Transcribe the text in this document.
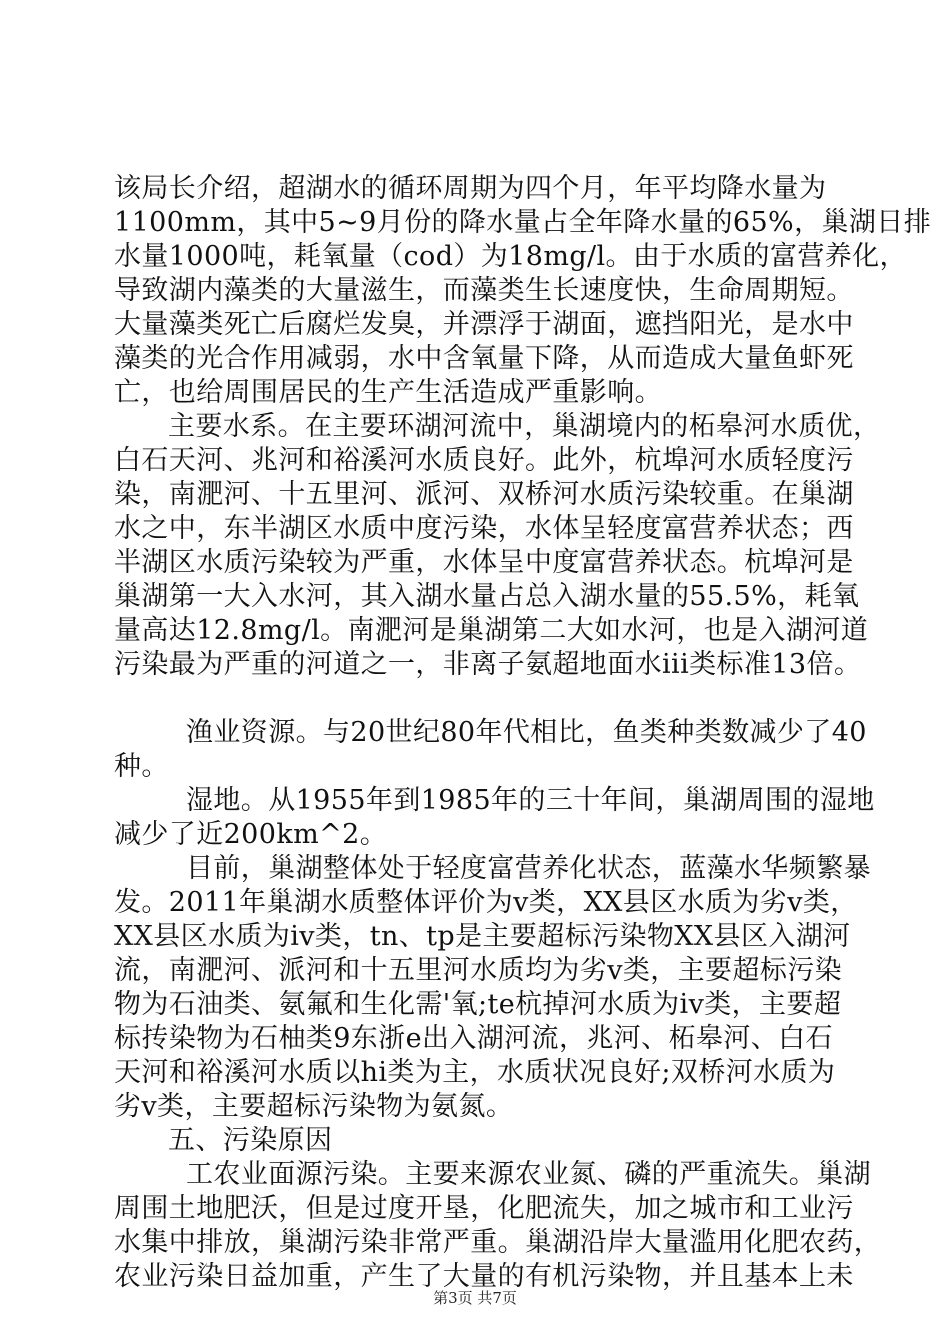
该局长介绍，超湖水的循环周期为四个月，年平均降水量为
1100mm，其中5~9月份的降水量占全年降水量的65%，巢湖日排
水量1000吨，耗氧量（cod）为18mg/l。由于水质的富营养化，
导致湖内藻类的大量滋生，而藻类生长速度快，生命周期短。
大量藻类死亡后腐烂发臭，并漂浮于湖面，遮挡阳光，是水中
藻类的光合作用减弱，水中含氧量下降，从而造成大量鱼虾死
亡，也给周围居民的生产生活造成严重影响。
主要水系。在主要环湖河流中，巢湖境内的柘皋河水质优，
白石天河、兆河和裕溪河水质良好。此外，杭埠河水质轻度污
染，南淝河、十五里河、派河、双桥河水质污染较重。在巢湖
水之中，东半湖区水质中度污染，水体呈轻度富营养状态；西
半湖区水质污染较为严重，水体呈中度富营养状态。杭埠河是
巢湖第一大入水河，其入湖水量占总入湖水量的55.5%，耗氧
量高达12.8mg/l。南淝河是巢湖第二大如水河，也是入湖河道
污染最为严重的河道之一，非离子氨超地面水iii类标准13倍。
渔业资源。与20世纪80年代相比，鱼类种类数减少了40
种。
湿地。从1955年到1985年的三十年间，巢湖周围的湿地
减少了近200km^2。
目前，巢湖整体处于轻度富营养化状态，蓝藻水华频繁暴
发。2011年巢湖水质整体评价为v类，XX县区水质为劣v类，
XX县区水质为iv类，tn、tp是主要超标污染物XX县区入湖河
流，南淝河、派河和十五里河水质均为劣v类，主要超标污染
物为石油类、氨氟和生化需'氧;te杭掉河水质为iv类，主要超
标抟染物为石柚类9东浙e出入湖河流，兆河、柘皋河、白石
天河和裕溪河水质以hi类为主，水质状况良好;双桥河水质为
劣v类，主要超标污染物为氨氮。
五、污染原因
工农业面源污染。主要来源农业氮、磷的严重流失。巢湖
周围土地肥沃，但是过度开垦，化肥流失，加之城市和工业污
水集中排放，巢湖污染非常严重。巢湖沿岸大量滥用化肥农药，
农业污染日益加重，产生了大量的有机污染物，并且基本上未
第3页 共7页
